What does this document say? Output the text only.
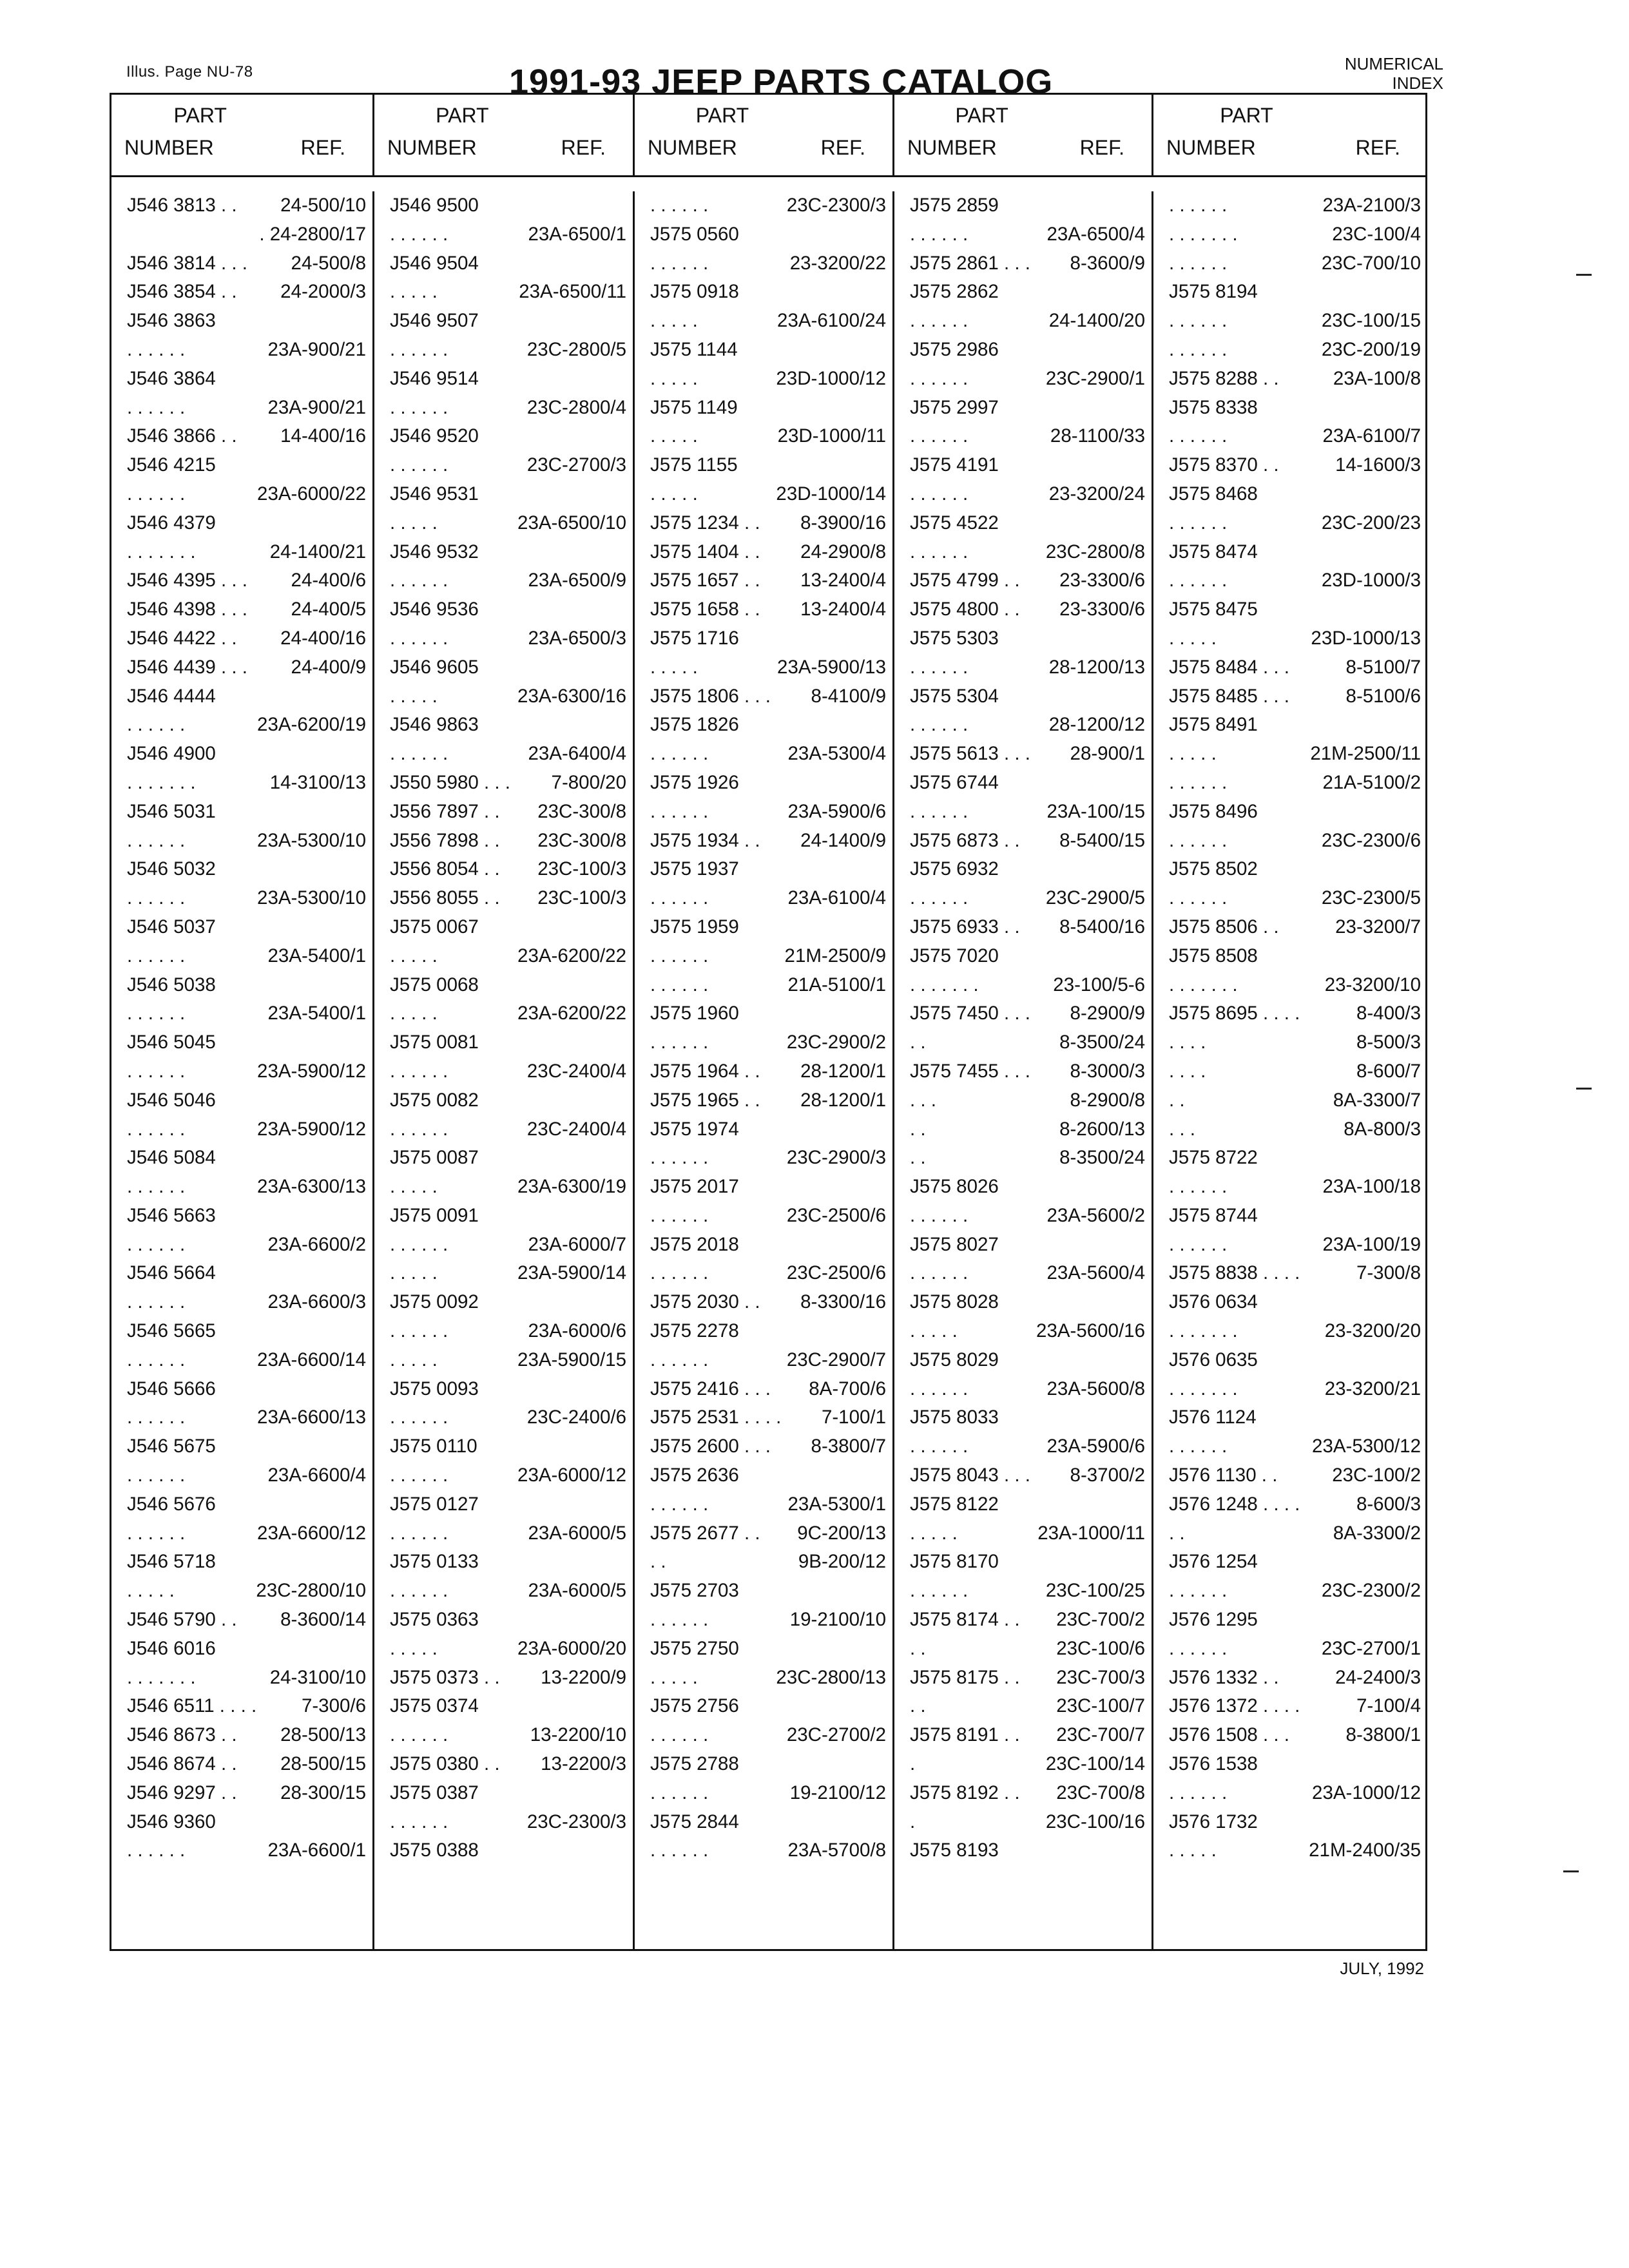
Illus. Page NU-78	1991-93 JEEP PARTS CATALOG	NUMERICAL
INDEX
PART
NUMBER	REF.
J546 3813 . . 24-500/10
. 24-2800/17
J546 3814 . . . 24-500/8
J546 3854 . . 24-2000/3
J546 3863
. . . . . .	23A-900/21
J546 3864
. . . . . .	23A-900/21
J546 3866 . . 14-400/16
J546 4215
. . . . . .	23A-6000/22
J546 4379
. . . . . . .	24-1400/21
J546 4395 . . . 24-400/6
J546 4398 . . . 24-400/5
J546 4422 . . 24-400/16
J546 4439 . . . 24-400/9
J546 4444
. . . . . .	23A-6200/19
J546 4900
. . . . . . .	14-3100/13
J546 5031
. . . . . .	23A-5300/10
J546 5032
. . . . . .	23A-5300/10
J546 5037
. . . . . .	23A-5400/1
J546 5038
. . . . . .	23A-5400/1
J546 5045
. . . . . .	23A-5900/12
J546 5046
. . . . . .	23A-5900/12
J546 5084
. . . . . .	23A-6300/13
J546 5663
. . . . . .	23A-6600/2
J546 5664
. . . . . .	23A-6600/3
J546 5665
. . . . . .	23A-6600/14
J546 5666
. . . . . .	23A-6600/13
J546 5675
. . . . . .	23A-6600/4
J546 5676
. . . . . .	23A-6600/12
J546 5718
. . . . .	23C-2800/10
J546 5790 . . 8-3600/14
J546 6016
. . . . . . .	24-3100/10
J546 6511 . . . . 7-300/6
J546 8673 . . 28-500/13
J546 8674 . . 28-500/15
J546 9297 . . 28-300/15
J546 9360
. . . . . .	23A-6600/1
PART
NUMBER	REF.
J546 9500
. . . . . .	23A-6500/1
J546 9504
. . . . .	23A-6500/11
J546 9507
. . . . . .	23C-2800/5
J546 9514
. . . . . .	23C-2800/4
J546 9520
. . . . . .	23C-2700/3
J546 9531
. . . . .	23A-6500/10
J546 9532
. . . . . .	23A-6500/9
J546 9536
. . . . . .	23A-6500/3
J546 9605
. . . . .	23A-6300/16
J546 9863
. . . . . .	23A-6400/4
J550 5980 . . . 7-800/20
J556 7897 . . 23C-300/8
J556 7898 . . 23C-300/8
J556 8054 . . 23C-100/3
J556 8055 . . 23C-100/3
J575 0067
. . . . .	23A-6200/22
J575 0068
. . . . .	23A-6200/22
J575 0081
. . . . . .	23C-2400/4
J575 0082
. . . . . .	23C-2400/4
J575 0087
. . . . .	23A-6300/19
J575 0091
. . . . . .	23A-6000/7
. . . . .	23A-5900/14
J575 0092
. . . . . .	23A-6000/6
. . . . .	23A-5900/15
J575 0093
. . . . . .	23C-2400/6
J575 0110
. . . . . .	23A-6000/12
J575 0127
. . . . . .	23A-6000/5
J575 0133
. . . . . .	23A-6000/5
J575 0363
. . . . .	23A-6000/20
J575 0373 . . 13-2200/9
J575 0374
. . . . . .	13-2200/10
J575 0380 . . 13-2200/3
J575 0387
. . . . . .	23C-2300/3
J575 0388
PART
NUMBER	REF.
. . . . . .	23C-2300/3
J575 0560
. . . . . .	23-3200/22
J575 0918
. . . . .	23A-6100/24
J575 1144
. . . . .	23D-1000/12
J575 1149
. . . . .	23D-1000/11
J575 1155
. . . . .	23D-1000/14
J575 1234 . . 8-3900/16
J575 1404 . . 24-2900/8
J575 1657 . . 13-2400/4
J575 1658 . . 13-2400/4
J575 1716
. . . . .	23A-5900/13
J575 1806 . . . 8-4100/9
J575 1826
. . . . . .	23A-5300/4
J575 1926
. . . . . .	23A-5900/6
J575 1934 . . 24-1400/9
J575 1937
. . . . . .	23A-6100/4
J575 1959
. . . . . .	21M-2500/9
. . . . . .	21A-5100/1
J575 1960
. . . . . .	23C-2900/2
J575 1964 . . 28-1200/1
J575 1965 . . 28-1200/1
J575 1974
. . . . . .	23C-2900/3
J575 2017
. . . . . .	23C-2500/6
J575 2018
. . . . . .	23C-2500/6
J575 2030 . . 8-3300/16
J575 2278
. . . . . .	23C-2900/7
J575 2416 . . . 8A-700/6
J575 2531 . . . . 7-100/1
J575 2600 . . . 8-3800/7
J575 2636
. . . . . .	23A-5300/1
J575 2677 . . 9C-200/13
. .	9B-200/12
J575 2703
. . . . . .	19-2100/10
J575 2750
. . . . .	23C-2800/13
J575 2756
. . . . . .	23C-2700/2
J575 2788
. . . . . .	19-2100/12
J575 2844
. . . . . .	23A-5700/8
PART
NUMBER	REF.
J575 2859
. . . . . .	23A-6500/4
J575 2861 . . . 8-3600/9
J575 2862
. . . . . .	24-1400/20
J575 2986
. . . . . .	23C-2900/1
J575 2997
. . . . . .	28-1100/33
J575 4191
. . . . . .	23-3200/24
J575 4522
. . . . . .	23C-2800/8
J575 4799 . . 23-3300/6
J575 4800 . . 23-3300/6
J575 5303
. . . . . .	28-1200/13
J575 5304
. . . . . .	28-1200/12
J575 5613 . . . 28-900/1
J575 6744
. . . . . .	23A-100/15
J575 6873 . . 8-5400/15
J575 6932
. . . . . .	23C-2900/5
J575 6933 . . 8-5400/16
J575 7020
. . . . . . .	23-100/5-6
J575 7450 . . . 8-2900/9
. .	8-3500/24
J575 7455 . . . 8-3000/3
. . .	8-2900/8
. .	8-2600/13
. .	8-3500/24
J575 8026
. . . . . .	23A-5600/2
J575 8027
. . . . . .	23A-5600/4
J575 8028
. . . . .	23A-5600/16
J575 8029
. . . . . .	23A-5600/8
J575 8033
. . . . . .	23A-5900/6
J575 8043 . . . 8-3700/2
J575 8122
. . . . .	23A-1000/11
J575 8170
. . . . . .	23C-100/25
J575 8174 . . 23C-700/2
. .	23C-100/6
J575 8175 . . 23C-700/3
. .	23C-100/7
J575 8191 . . 23C-700/7
.	23C-100/14
J575 8192 . . 23C-700/8
.	23C-100/16
J575 8193
PART
NUMBER	REF.
. . . . . .	23A-2100/3
. . . . . . .	23C-100/4
. . . . . .	23C-700/10
J575 8194
. . . . . .	23C-100/15
. . . . . .	23C-200/19
J575 8288 . .	23A-100/8
J575 8338
. . . . . .	23A-6100/7
J575 8370 . .	14-1600/3
J575 8468
. . . . . .	23C-200/23
J575 8474
. . . . . .	23D-1000/3
J575 8475
. . . . .	23D-1000/13
J575 8484 . . .	8-5100/7
J575 8485 . . .	8-5100/6
J575 8491
. . . . .	21M-2500/11
. . . . . .	21A-5100/2
J575 8496
. . . . . .	23C-2300/6
J575 8502
. . . . . .	23C-2300/5
J575 8506 . .	23-3200/7
J575 8508
. . . . . . .	23-3200/10
J575 8695 . . . .	8-400/3
. . . .	8-500/3
. . . .	8-600/7
. .	8A-3300/7
. . .	8A-800/3
J575 8722
. . . . . .	23A-100/18
J575 8744
. . . . . .	23A-100/19
J575 8838 . . . .	7-300/8
J576 0634
. . . . . . .	23-3200/20
J576 0635
. . . . . . .	23-3200/21
J576 1124
. . . . . .	23A-5300/12
J576 1130 . .	23C-100/2
J576 1248 . . . .	8-600/3
. .	8A-3300/2
J576 1254
. . . . . .	23C-2300/2
J576 1295
. . . . . .	23C-2700/1
J576 1332 . .	24-2400/3
J576 1372 . . . .	7-100/4
J576 1508 . . .	8-3800/1
J576 1538
. . . . . .	23A-1000/12
J576 1732
. . . . .	21M-2400/35
JULY, 1992
